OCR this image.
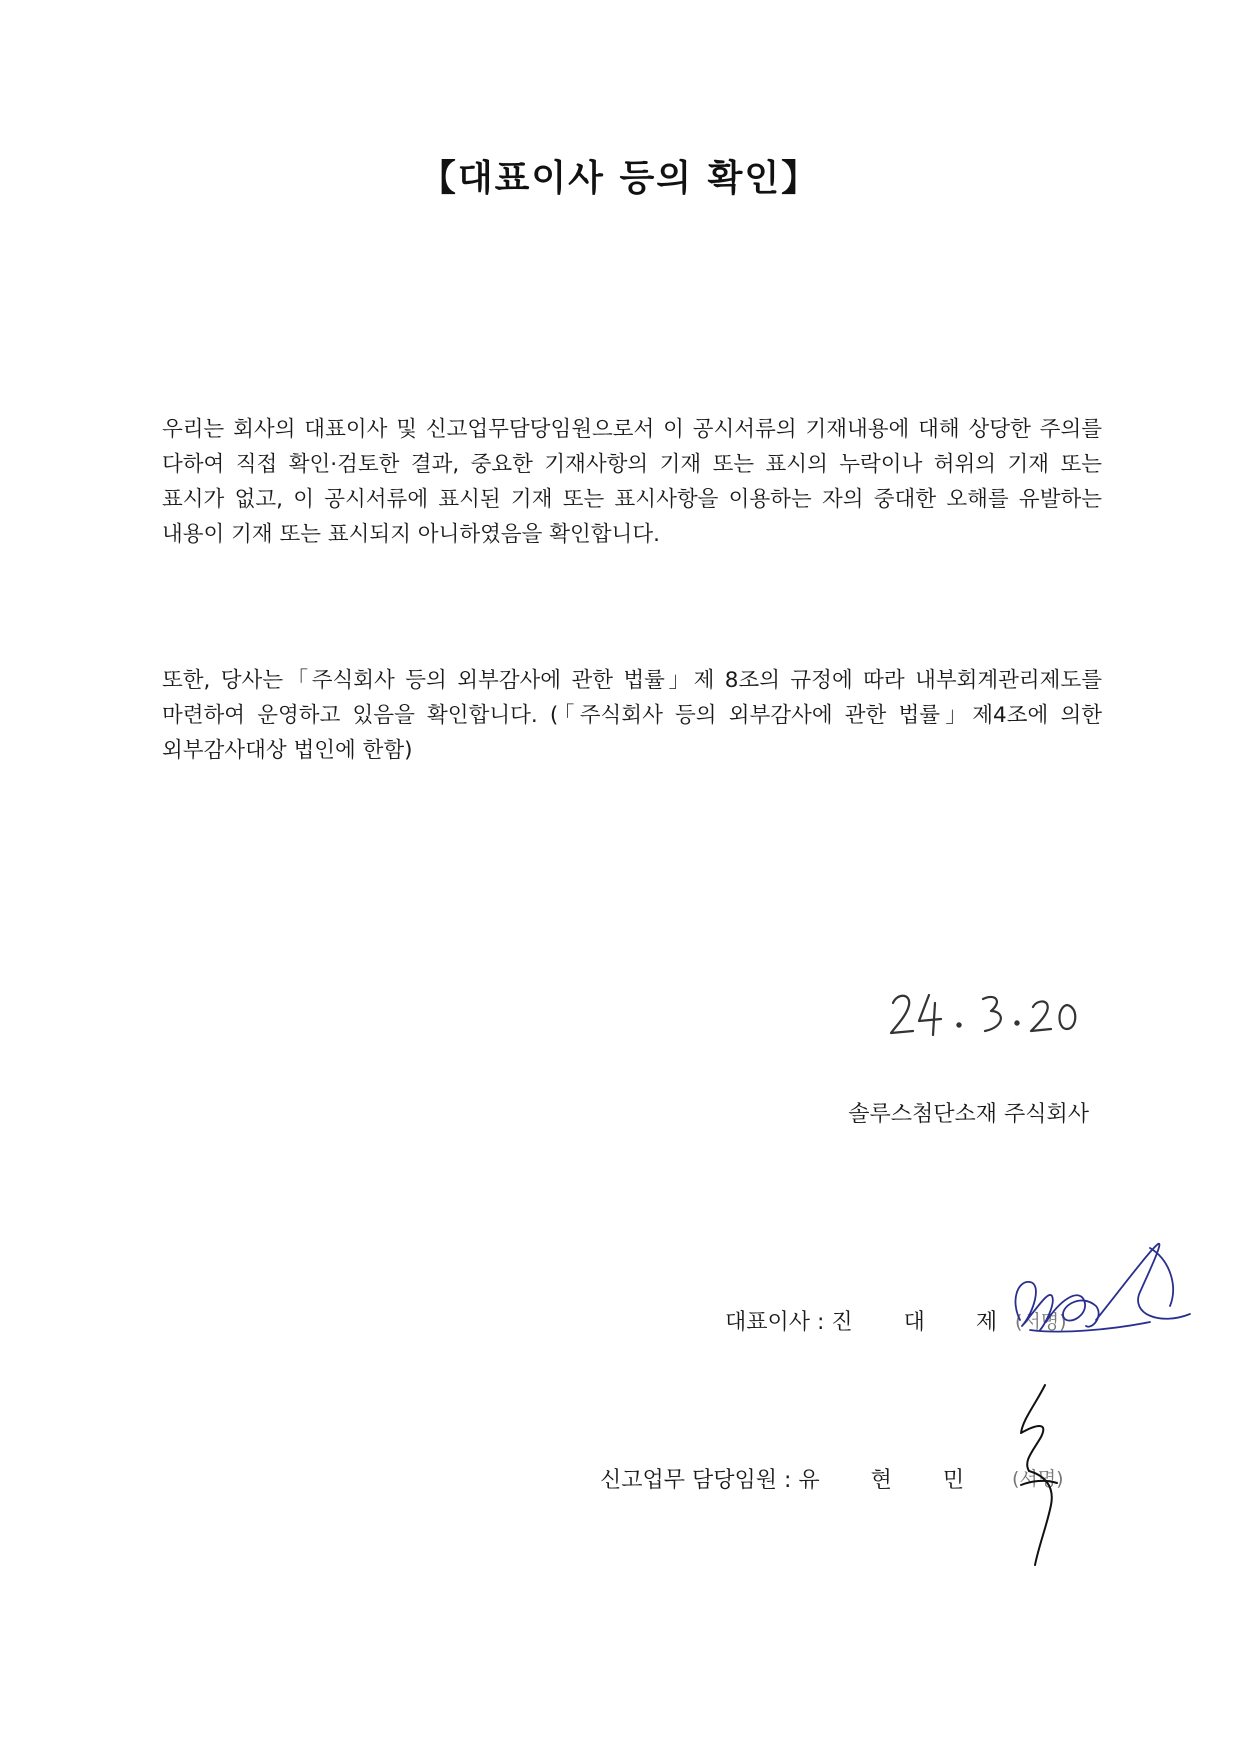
【대표이사 등의 확인】
우리는 회사의 대표이사 및 신고업무담당임원으로서 이 공시서류의 기재내용에 대해 상당한 주의를 다하여 직접 확인·검토한 결과, 중요한 기재사항의 기재 또는 표시의 누락이나 허위의 기재 또는 표시가 없고, 이 공시서류에 표시된 기재 또는 표시사항을 이용하는 자의 중대한 오해를 유발하는 내용이 기재 또는 표시되지 아니하였음을 확인합니다.
또한, 당사는「주식회사 등의 외부감사에 관한 법률」제 8조의 규정에 따라 내부회계관리제도를 마련하여 운영하고 있음을 확인합니다. (「주식회사 등의 외부감사에 관한 법률」제4조에 의한 외부감사대상 법인에 한함)
솔루스첨단소재 주식회사
대표이사 : 진 대 제
(서명)
신고업무 담당임원 : 유 현 민 (서명)
